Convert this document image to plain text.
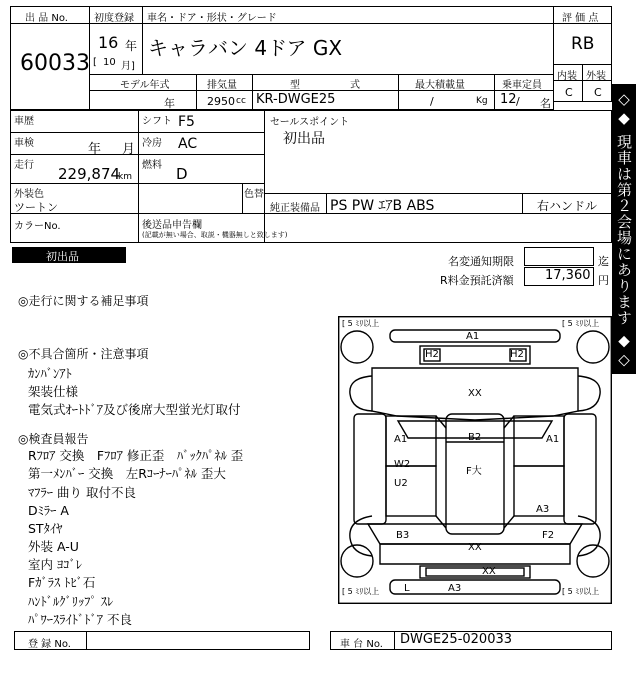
出 品 No.
60033
初度登録 車名・ドア・形状・グレード
16 年
[ 10 月]
キャラバン 4ドア GX
モデル年式	排気量	型	式	最大積載量	乗車定員
年	2950 cc KR-DWGE25	/	Kg 12 / 名
評 価 点
RB
内装 外装
C C ◇◆ 現車は第２会場にあります ◆◇
車歴
車検	年 月
走行 229,874
km
シフト F5
冷房 AC
燃料 D
外装色
ツートン
色替
カラーNo.	後送品申告欄
(記載が無い場合、取説・機器無しと致します)
セールスポイント
初出品
純正装備品 PS PW ｴｱB ABS	右ハンドル
初出品	名変通知期限	迄
R料金預託済額 17,360 円
◎走行に関する補足事項
◎不具合箇所・注意事項
ｶﾝﾊﾞﾝｱﾄ
架装仕様
電気式ｵｰﾄﾄﾞｱ及び後席大型蛍光灯取付
◎検査員報告
Rﾌﾛｱ 交換　Fﾌﾛｱ 修正歪　ﾊﾞｯｸﾊﾟﾈﾙ 歪
第一ﾒﾝﾊﾞｰ 交換　左Rｺｰﾅｰﾊﾟﾈﾙ 歪大
ﾏﾌﾗｰ 曲り 取付不良
Dﾐﾗｰ A
STﾀｲﾔ
外装 A-U
室内 ﾖｺﾞﾚ
Fｶﾞﾗｽ ﾄﾋﾞ石
ﾊﾝﾄﾞﾙｸﾞﾘｯﾌﾟ ｽﾚ
ﾊﾟﾜｰｽﾗｲﾄﾞﾄﾞｱ 不良
[ 5 ﾐﾘ以上	[ 5 ﾐﾘ以上
[ 5 ﾐﾘ以上	[ 5 ﾐﾘ以上
A1
H2	H2
XX
A1	A1
W2
U2
B2
F大
A3
F2
B3
XX
XX
L	A3
登 録 No.	車 台 No. DWGE25-020033
